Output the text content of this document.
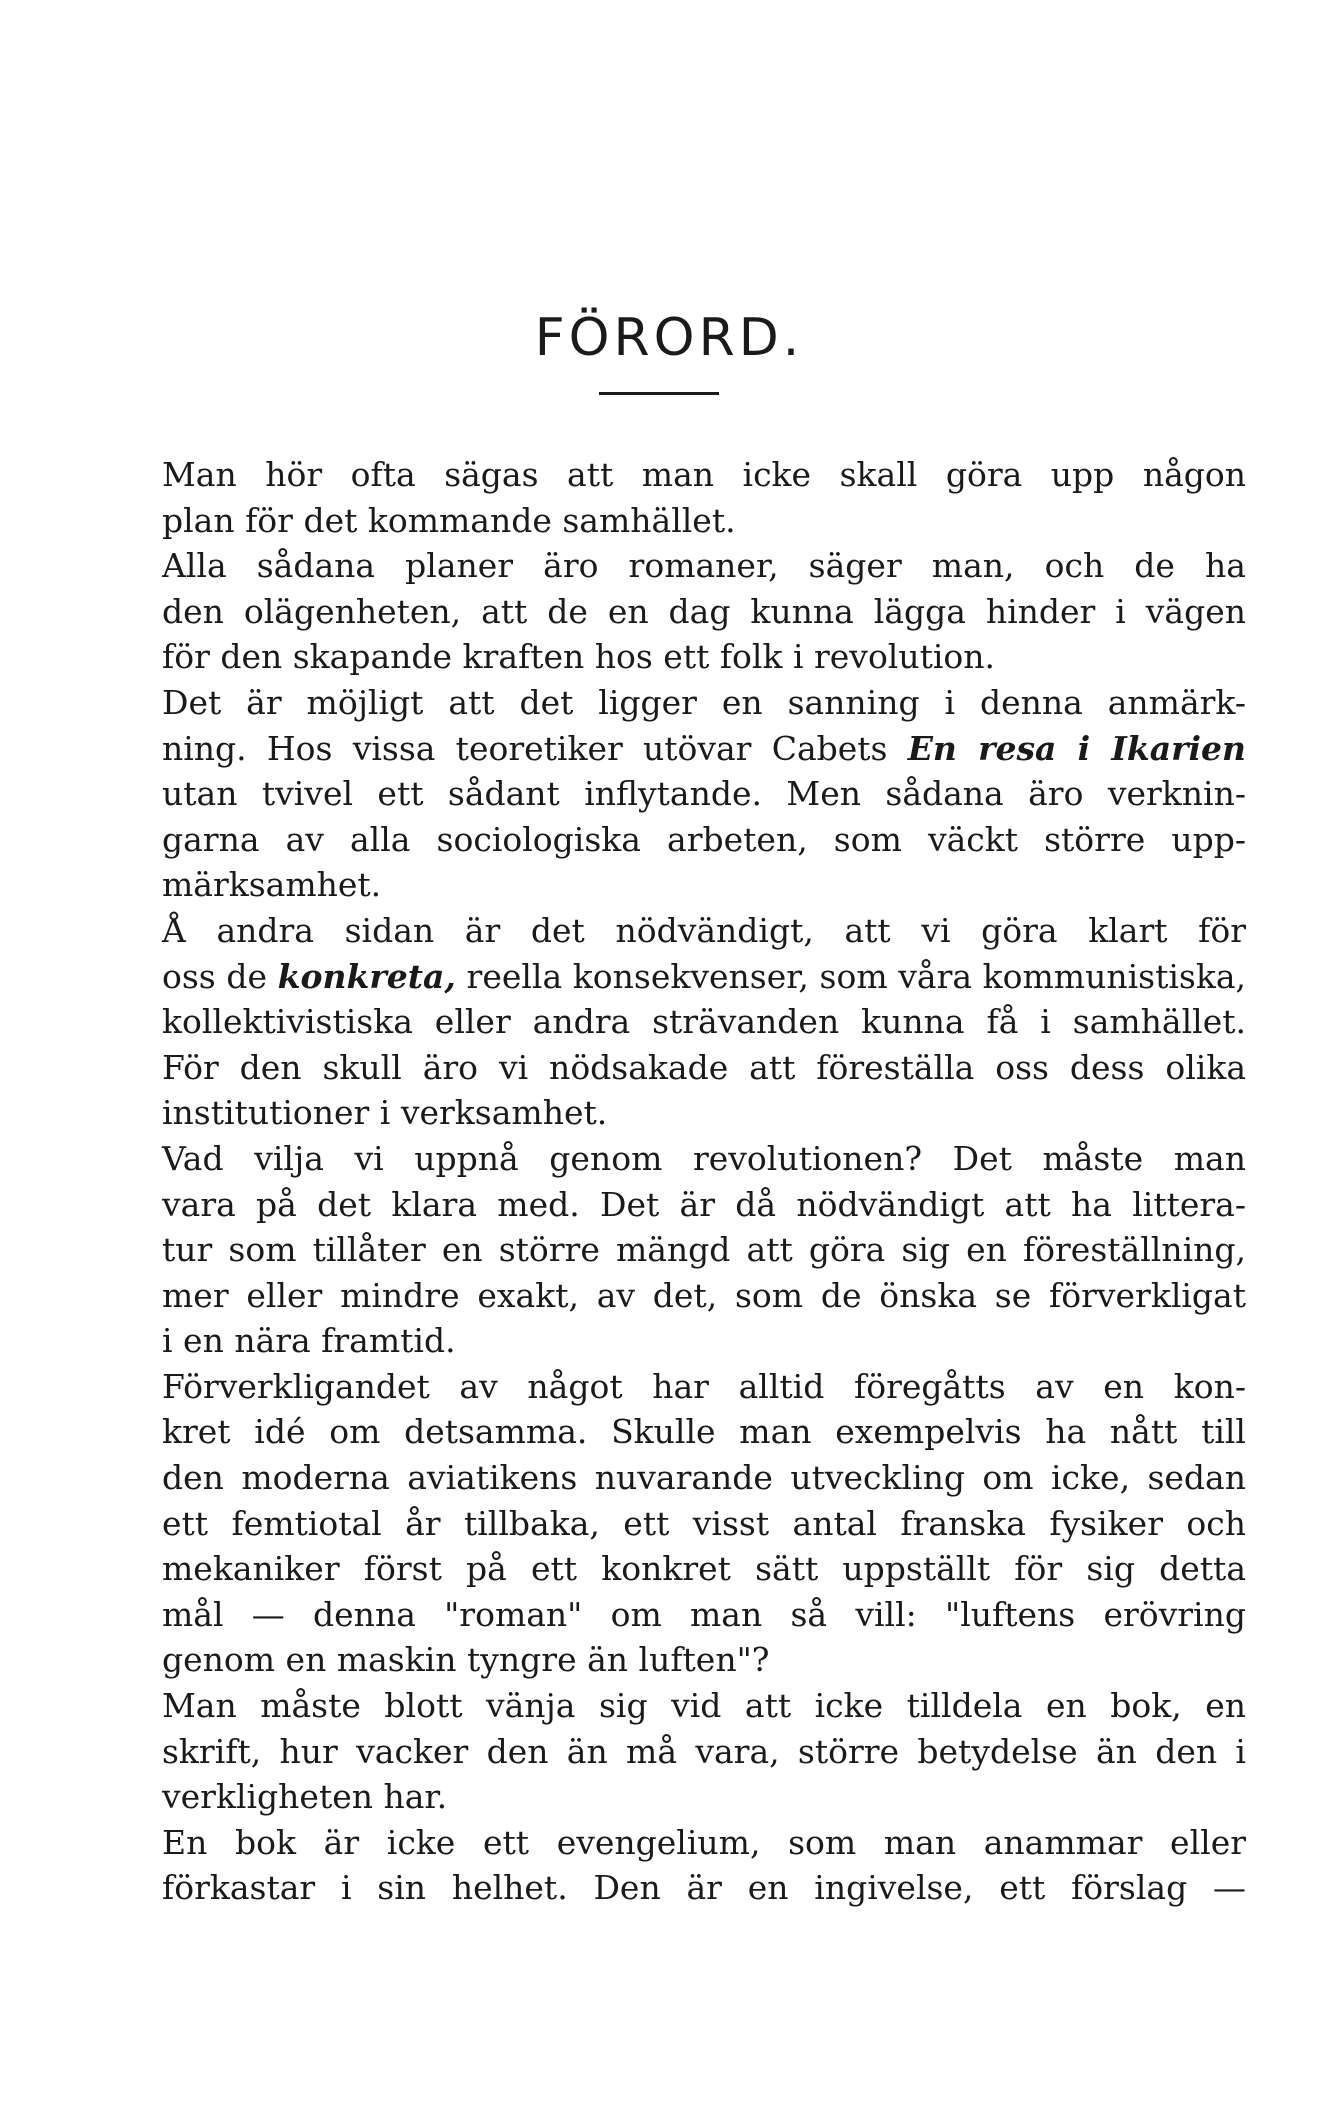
FÖRORD.

Man hör ofta sägas att man icke skall göra upp någon
plan för det kommande samhället.

Alla sådana planer äro romaner, säger man, och de ha
den olägenheten, att de en dag kunna lägga hinder i vägen
för den skapande kraften hos ett folk i revolution.

Det är möjligt att det ligger en sanning i denna anmärk-
ning. Hos vissa teoretiker utövar Cabets En resa i Ikarien
utan tvivel ett sådant inflytande. Men sådana äro verknin-
garna av alla sociologiska arbeten, som väckt större upp-
märksamhet.

Å andra sidan är det nödvändigt, att vi göra klart för
oss de konkreta, reella konsekvenser, som våra kommunistiska,
kollektivistiska eller andra strävanden kunna få i samhället.
För den skull äro vi nödsakade att föreställa oss dess olika
institutioner i verksamhet.

Vad vilja vi uppnå genom revolutionen? Det måste man
vara på det klara med. Det är då nödvändigt att ha littera-
tur som tillåter en större mängd att göra sig en föreställning,
mer eller mindre exakt, av det, som de önska se förverkligat
i en nära framtid.

Förverkligandet av något har alltid föregåtts av en kon-
kret idé om detsamma. Skulle man exempelvis ha nått till
den moderna aviatikens nuvarande utveckling om icke, sedan
ett femtiotal år tillbaka, ett visst antal franska fysiker och
mekaniker först på ett konkret sätt uppställt för sig detta
mål — denna "roman" om man så vill: "luftens erövring
genom en maskin tyngre än luften"?

Man måste blott vänja sig vid att icke tilldela en bok, en
skrift, hur vacker den än må vara, större betydelse än den i
verkligheten har.

En bok är icke ett evengelium, som man anammar eller
förkastar i sin helhet. Den är en ingivelse, ett förslag —
